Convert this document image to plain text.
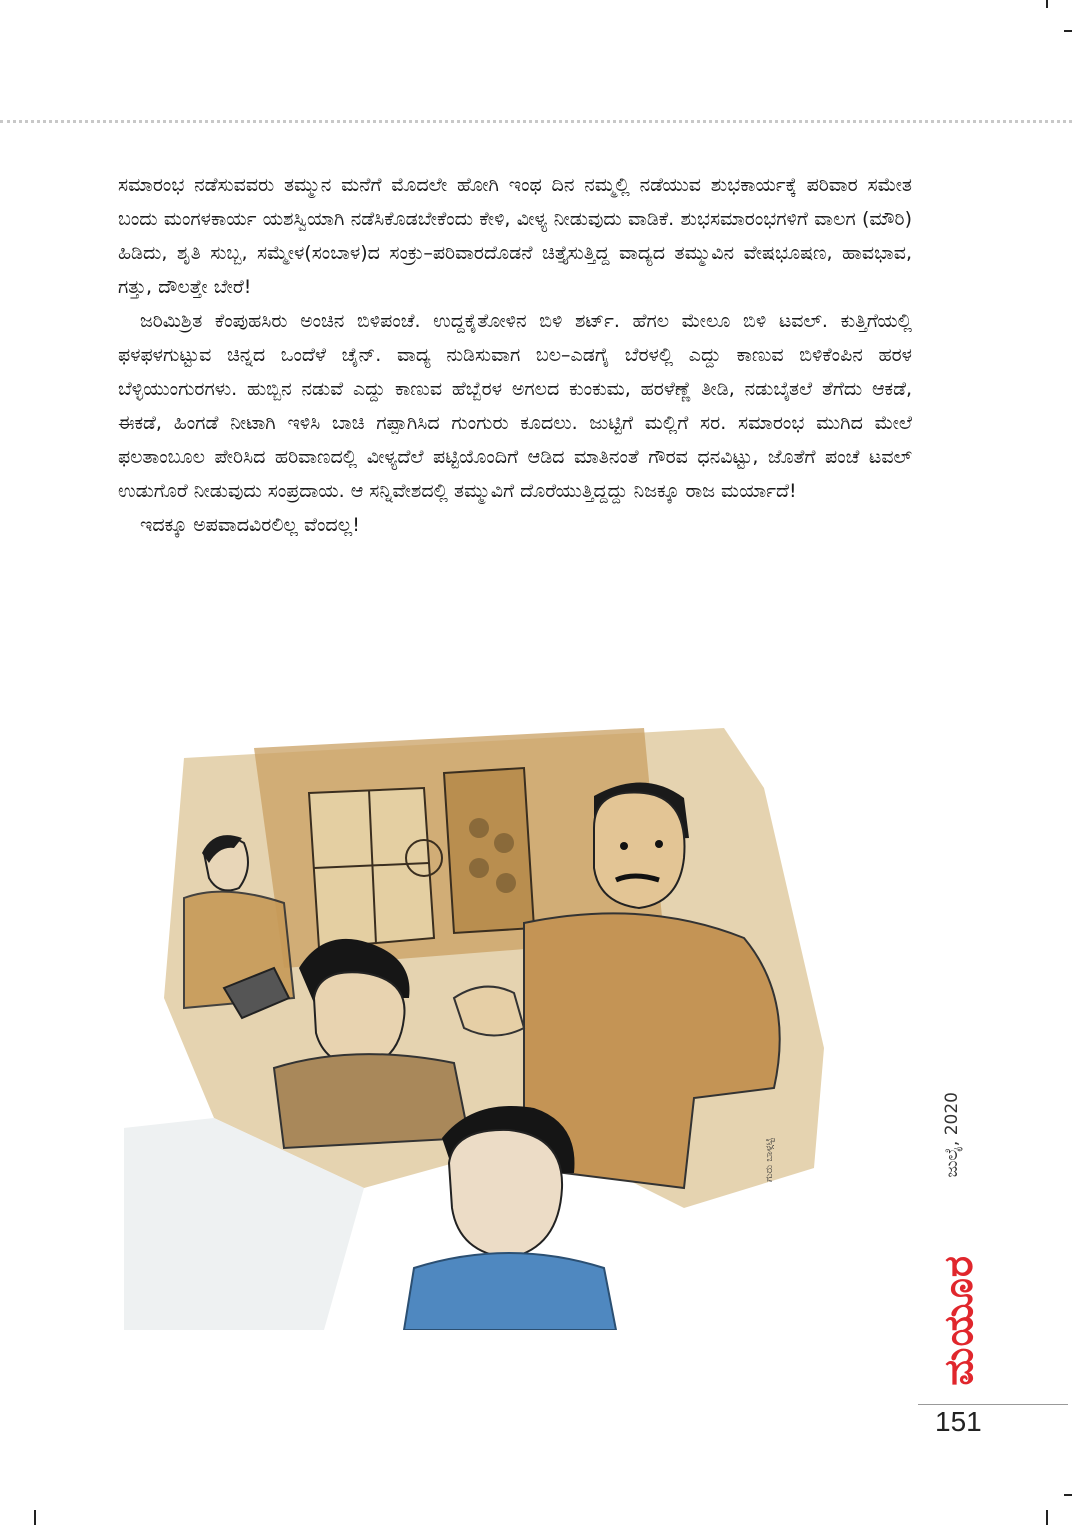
ಸಮಾರಂಭ ನಡೆಸುವವರು ತಮ್ಮುನ ಮನೆಗೆ ಮೊದಲೇ ಹೋಗಿ ಇಂಥ ದಿನ ನಮ್ಮಲ್ಲಿ ನಡೆಯುವ ಶುಭಕಾರ್ಯಕ್ಕೆ ಪರಿವಾರ ಸಮೇತ ಬಂದು ಮಂಗಳಕಾರ್ಯ ಯಶಸ್ವಿಯಾಗಿ ನಡೆಸಿಕೊಡಬೇಕೆಂದು ಕೇಳಿ, ವೀಳ್ಯ ನೀಡುವುದು ವಾಡಿಕೆ. ಶುಭಸಮಾರಂಭಗಳಿಗೆ ವಾಲಗ (ಮೌರಿ) ಹಿಡಿದು, ಶೃತಿ ಸುಬ್ಬ, ಸಮ್ಮೇಳ(ಸಂಬಾಳ)ದ ಸಂಕ್ರು–ಪರಿವಾರದೊಡನೆ ಚಿತ್ತೈಸುತ್ತಿದ್ದ ವಾದ್ಯದ ತಮ್ಮುವಿನ ವೇಷಭೂಷಣ, ಹಾವಭಾವ, ಗತ್ತು, ದೌಲತ್ತೇ ಬೇರೆ!

ಜರಿಮಿಶ್ರಿತ ಕೆಂಪುಹಸಿರು ಅಂಚಿನ ಬಿಳಿಪಂಚೆ. ಉದ್ದಕೈತೋಳಿನ ಬಿಳಿ ಶರ್ಟ್. ಹೆಗಲ ಮೇಲೂ ಬಿಳಿ ಟವಲ್. ಕುತ್ತಿಗೆಯಲ್ಲಿ ಫಳಫಳಗುಟ್ಟುವ ಚಿನ್ನದ ಒಂದೆಳೆ ಚೈನ್. ವಾದ್ಯ ನುಡಿಸುವಾಗ ಬಲ–ಎಡಗೈ ಬೆರಳಲ್ಲಿ ಎದ್ದು ಕಾಣುವ ಬಿಳಿಕೆಂಪಿನ ಹರಳ ಬೆಳ್ಳಿಯುಂಗುರಗಳು. ಹುಬ್ಬಿನ ನಡುವೆ ಎದ್ದು ಕಾಣುವ ಹೆಬ್ಬೆರಳ ಅಗಲದ ಕುಂಕುಮ, ಹರಳೆಣ್ಣೆ ತೀಡಿ, ನಡುಬೈತಲೆ ತೆಗೆದು ಆಕಡೆ, ಈಕಡೆ, ಹಿಂಗಡೆ ನೀಟಾಗಿ ಇಳಿಸಿ ಬಾಚಿ ಗಪ್ಪಾಗಿಸಿದ ಗುಂಗುರು ಕೂದಲು. ಜುಟ್ಟಿಗೆ ಮಲ್ಲಿಗೆ ಸರ. ಸಮಾರಂಭ ಮುಗಿದ ಮೇಲೆ ಫಲತಾಂಬೂಲ ಪೇರಿಸಿದ ಹರಿವಾಣದಲ್ಲಿ ವೀಳ್ಯದೆಲೆ ಪಟ್ಟಿಯೊಂದಿಗೆ ಆಡಿದ ಮಾತಿನಂತೆ ಗೌರವ ಧನವಿಟ್ಟು, ಜೊತೆಗೆ ಪಂಚೆ ಟವಲ್ ಉಡುಗೊರೆ ನೀಡುವುದು ಸಂಪ್ರದಾಯ. ಆ ಸನ್ನಿವೇಶದಲ್ಲಿ ತಮ್ಮುವಿಗೆ ದೊರೆಯುತ್ತಿದ್ದದ್ದು ನಿಜಕ್ಕೂ ರಾಜ ಮರ್ಯಾದೆ!

ಇದಕ್ಕೂ ಅಪವಾದವಿರಲಿಲ್ಲ ವೆಂದಲ್ಲ!

ಗುರು ಬಾಳ್ಗಟ್ಟಿ	ಜುಲೈ, 2020
ಮಯೂರ
151
